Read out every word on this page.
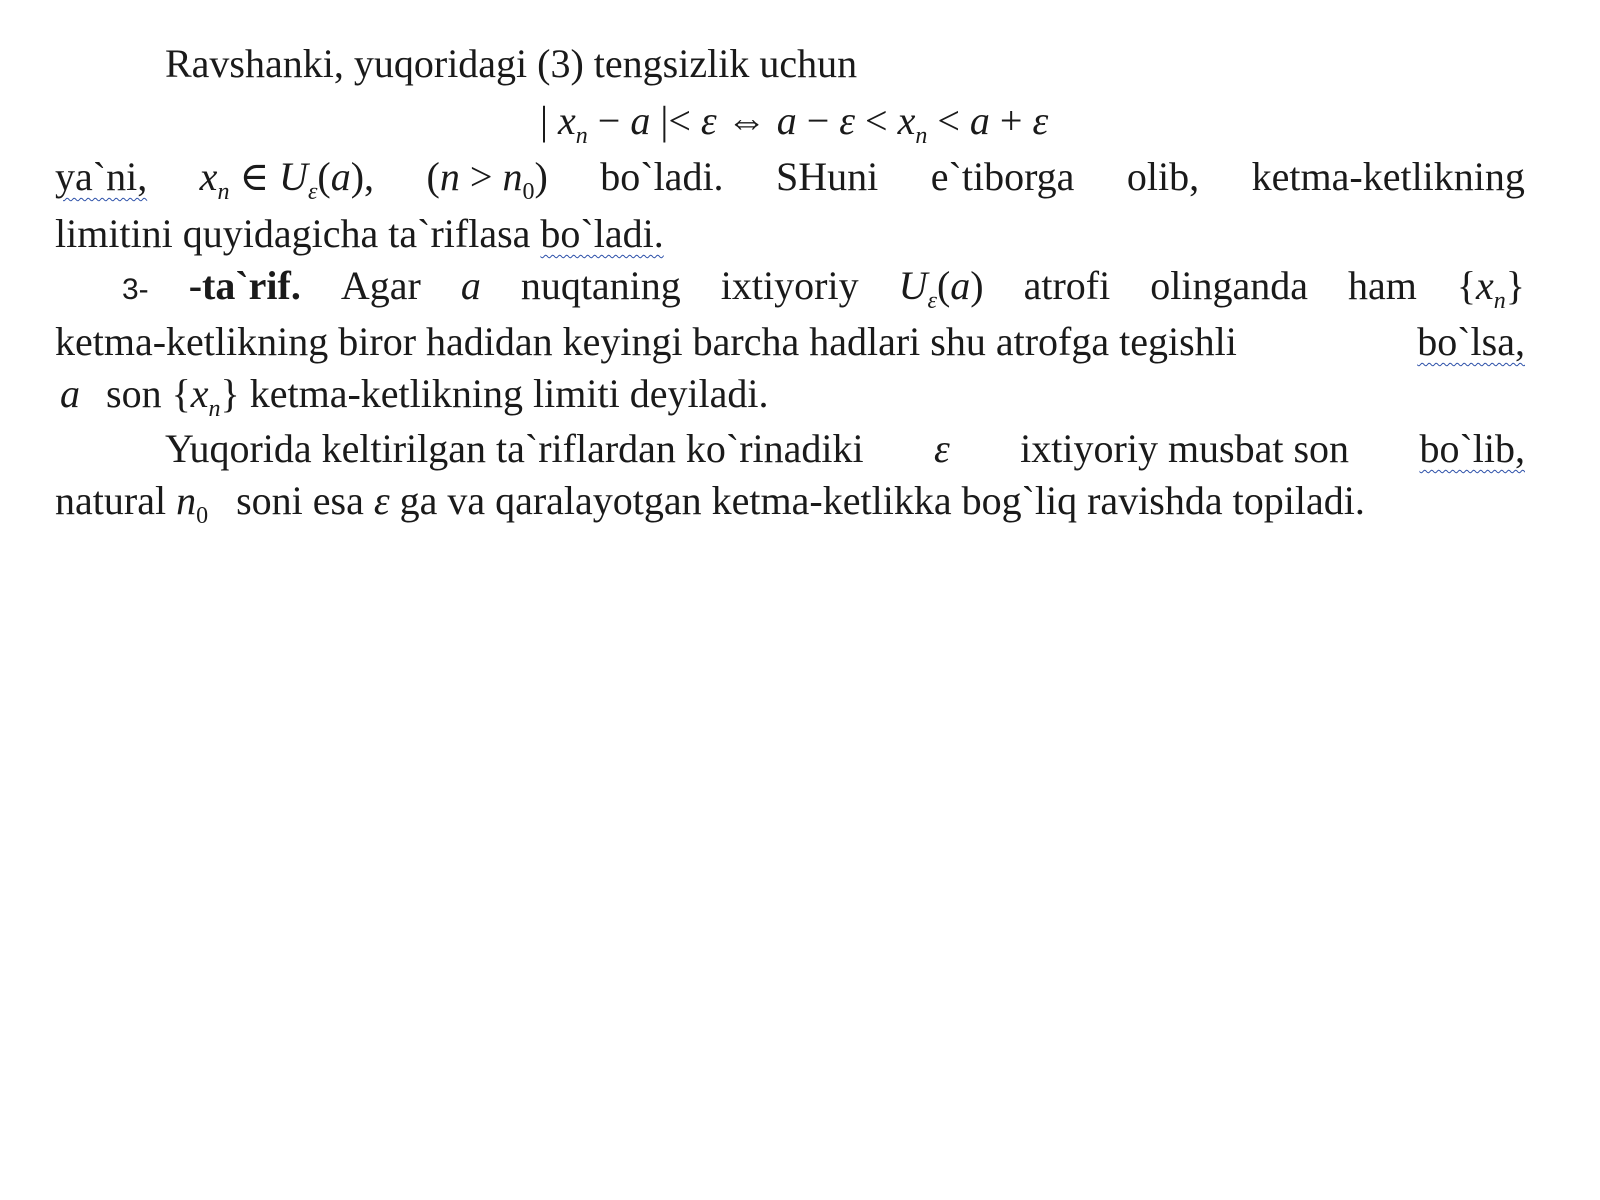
Ravshanki, yuqoridagi (3) tengsizlik uchun
| $x_n - a$ |< ε ⇔ $a - \varepsilon < x_n < a + \varepsilon$
ya`ni, $x_n$ ∈ $U_\varepsilon(a)$, $(n > n_0)$ bo`ladi. SHuni e`tiborga olib, ketma-ketlikning
limitini quyidagicha ta`riflasa bo`ladi.
3- -ta`rif. Agar a nuqtaning ixtiyoriy $U_\varepsilon(a)$ atrofi olinganda ham $\{x_n\}$
ketma-ketlikning biror hadidan keyingi barcha hadlari shu atrofga tegishli	bo`lsa,
a son $\{x_n\}$ ketma-ketlikning limiti deyiladi.
Yuqorida keltirilgan ta`riflardan ko`rinadiki ε ixtiyoriy musbat son bo`lib,
natural $n_0$ soni esa ε ga va qaralayotgan ketma-ketlikka bog`liq ravishda topiladi.
